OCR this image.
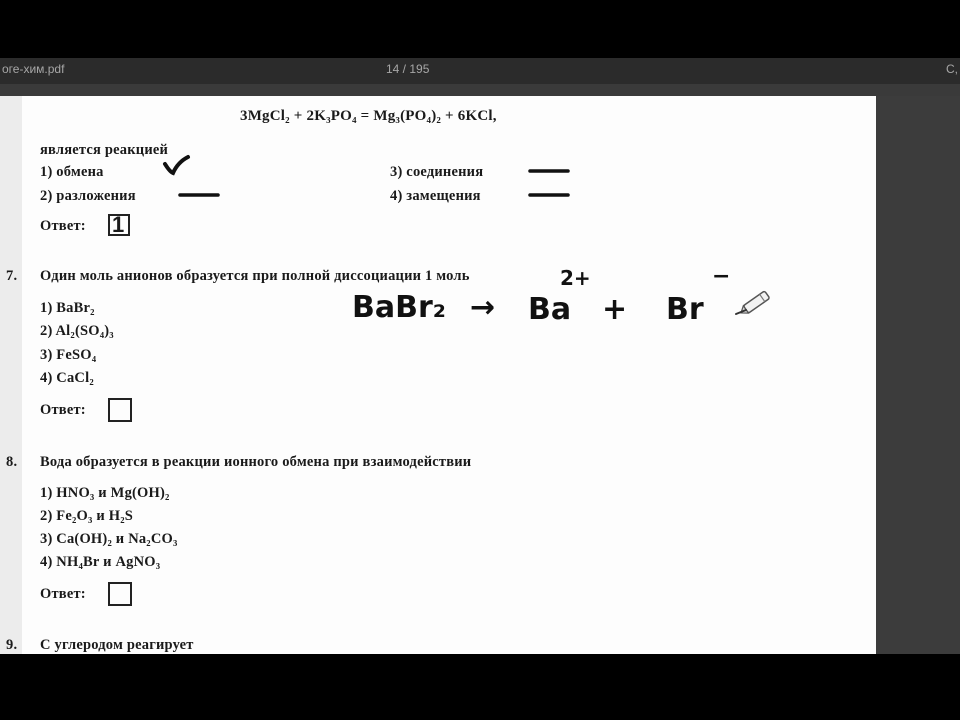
оге-хим.pdf	14 / 195	C,
3MgCl₂ + 2K₃PO₄ = Mg₃(PO₄)₂ + 6KCl,
является реакцией
1) обмена
2) разложения
3) соединения
4) замещения
Ответ: 1
7. Один моль анионов образуется при полной диссоциации 1 моль
1) BaBr₂
2) Al₂(SO₄)₃
3) FeSO₄
4) CaCl₂
Ответ:
BaBr₂ → Ba
2+
+ Br
−
8. Вода образуется в реакции ионного обмена при взаимодействии
1) HNO₃ и Mg(OH)₂
2) Fe₂O₃ и H₂S
3) Ca(OH)₂ и Na₂CO₃
4) NH₄Br и AgNO₃
Ответ:
9. С углеродом реагирует
